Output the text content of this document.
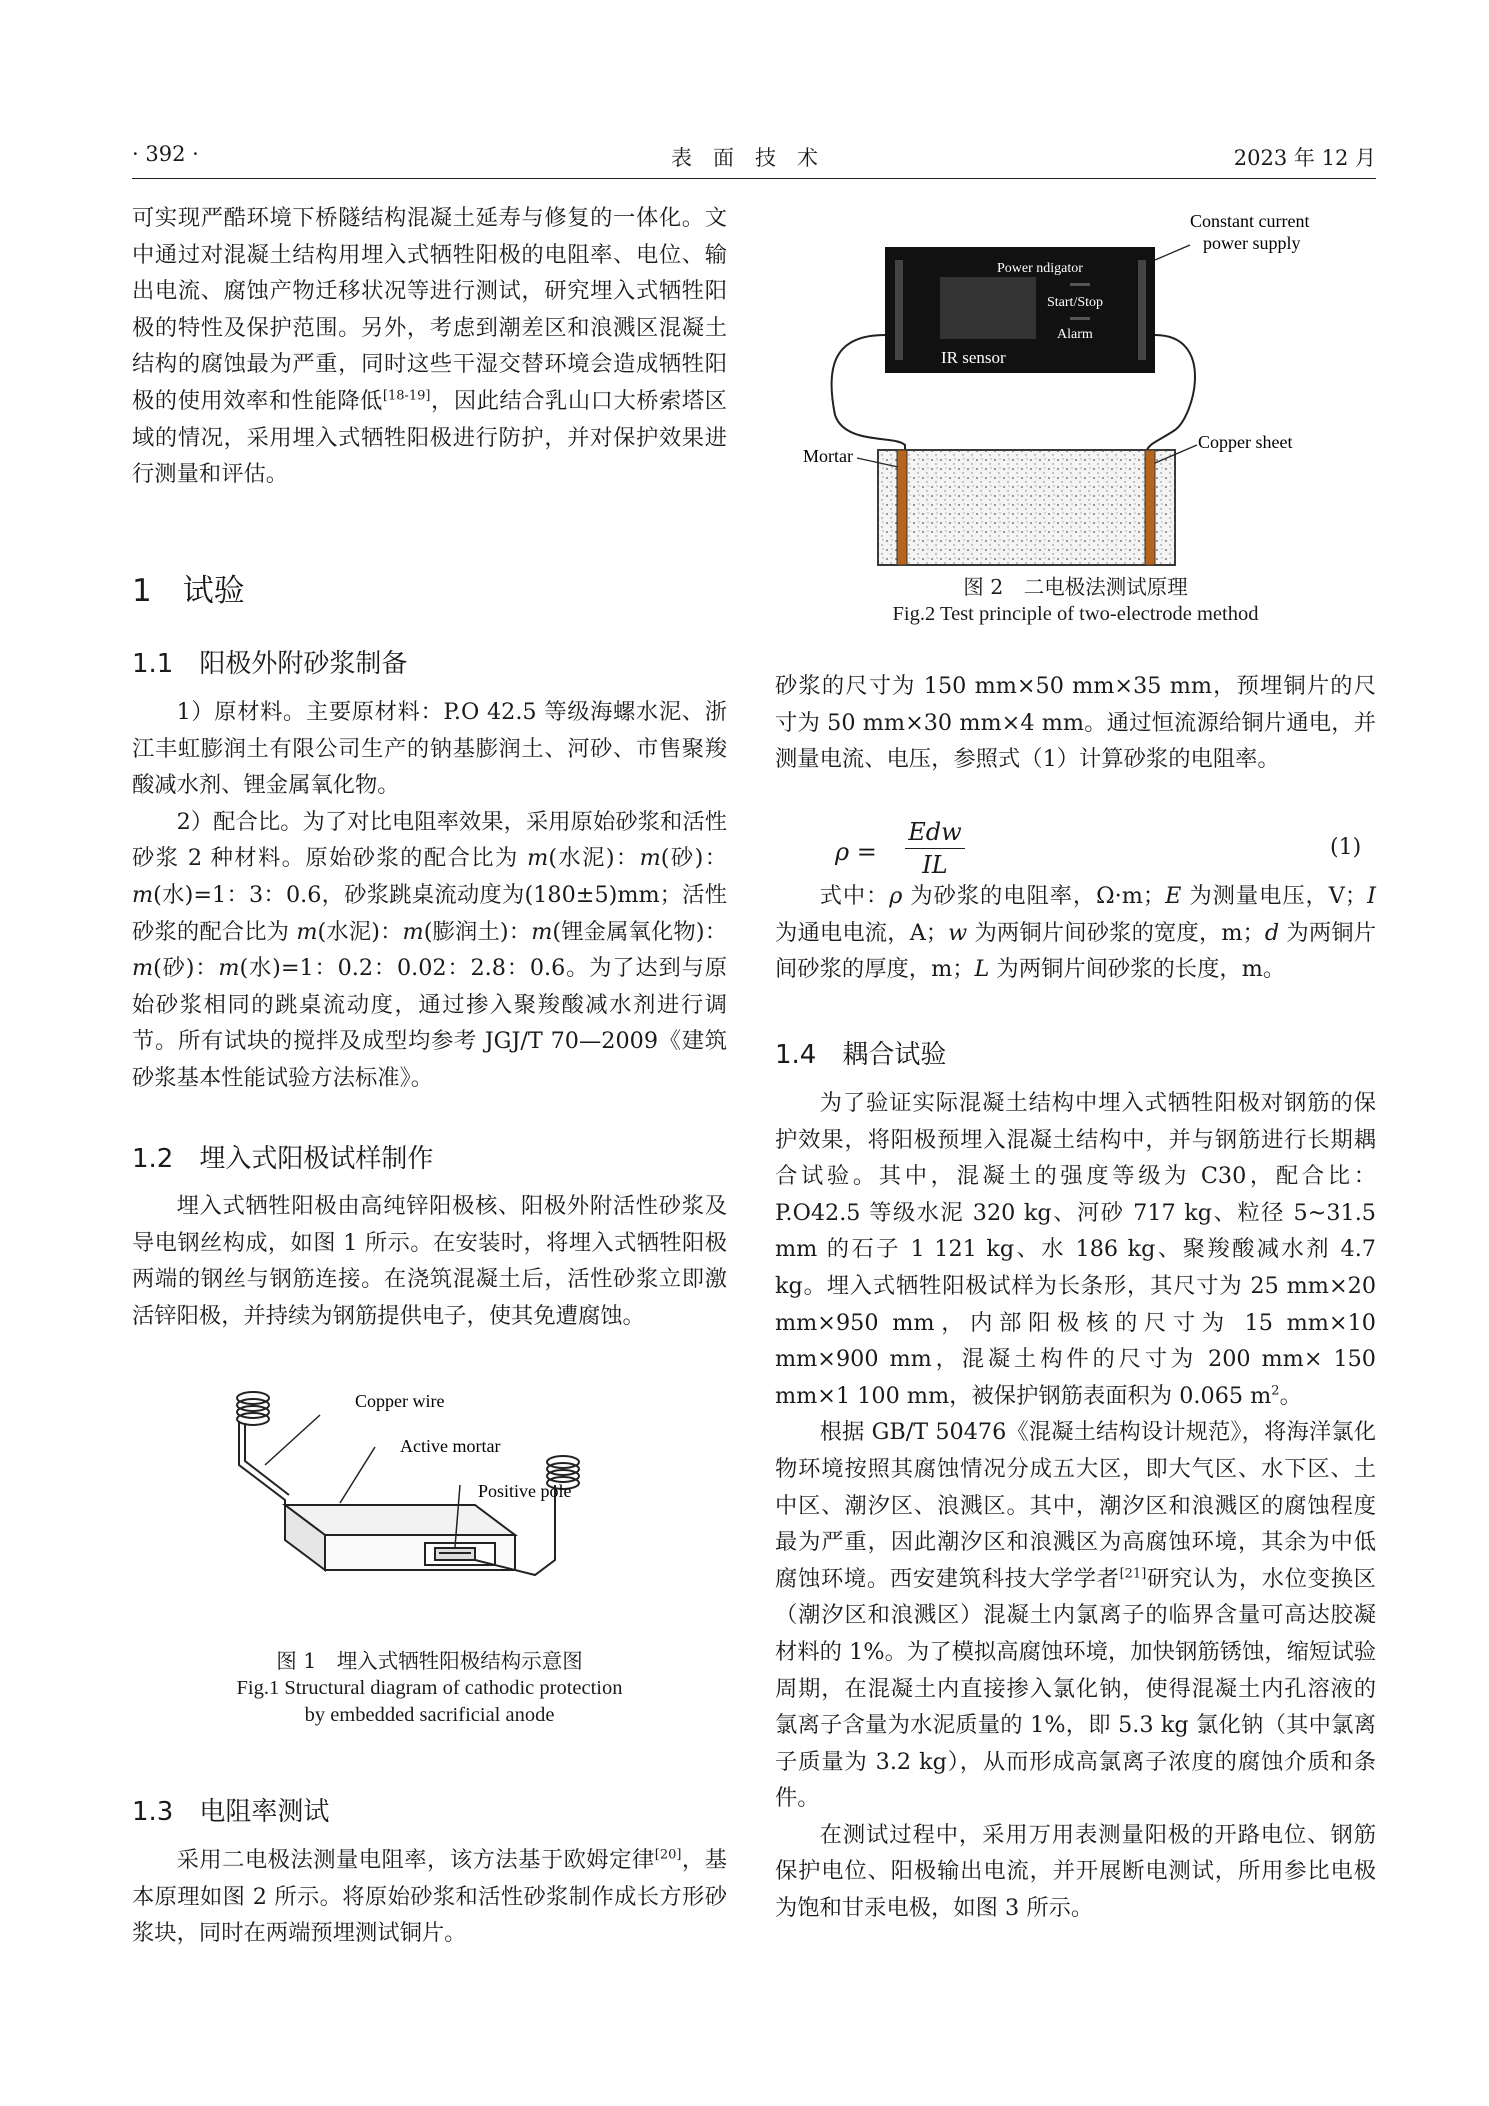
· 392 ·	表　面　技　术	2023 年 12 月

可实现严酷环境下桥隧结构混凝土延寿与修复的一体化。文中通过对混凝土结构用埋入式牺牲阳极的电阻率、电位、输出电流、腐蚀产物迁移状况等进行测试，研究埋入式牺牲阳极的特性及保护范围。另外，考虑到潮差区和浪溅区混凝土结构的腐蚀最为严重，同时这些干湿交替环境会造成牺牲阳极的使用效率和性能降低[18-19]，因此结合乳山口大桥索塔区域的情况，采用埋入式牺牲阳极进行防护，并对保护效果进行测量和评估。

1　试验
1.1　阳极外附砂浆制备

1）原材料。主要原材料：P.O 42.5 等级海螺水泥、浙江丰虹膨润土有限公司生产的钠基膨润土、河砂、市售聚羧酸减水剂、锂金属氧化物。

2）配合比。为了对比电阻率效果，采用原始砂浆和活性砂浆 2 种材料。原始砂浆的配合比为 m(水泥)：m(砂)：m(水)=1：3：0.6，砂浆跳桌流动度为(180±5)mm；活性砂浆的配合比为 m(水泥)：m(膨润土)：m(锂金属氧化物)：m(砂)：m(水)=1：0.2：0.02：2.8：0.6。为了达到与原始砂浆相同的跳桌流动度，通过掺入聚羧酸减水剂进行调节。所有试块的搅拌及成型均参考 JGJ/T 70—2009《建筑砂浆基本性能试验方法标准》。

1.2　埋入式阳极试样制作

埋入式牺牲阳极由高纯锌阳极核、阳极外附活性砂浆及导电钢丝构成，如图 1 所示。在安装时，将埋入式牺牲阳极两端的钢丝与钢筋连接。在浇筑混凝土后，活性砂浆立即激活锌阳极，并持续为钢筋提供电子，使其免遭腐蚀。

Copper wire
Active mortar
Positive pole
图 1　埋入式牺牲阳极结构示意图
Fig.1 Structural diagram of cathodic protection
by embedded sacrificial anode
1.3　电阻率测试

采用二电极法测量电阻率，该方法基于欧姆定律[20]，基本原理如图 2 所示。将原始砂浆和活性砂浆制作成长方形砂浆块，同时在两端预埋测试铜片。

Power ndigator
Start/Stop
Alarm
IR sensor
Constant current
power supply
Mortar
Copper sheet
图 2　二电极法测试原理
Fig.2 Test principle of two-electrode method

砂浆的尺寸为 150 mm×50 mm×35 mm，预埋铜片的尺寸为 50 mm×30 mm×4 mm。通过恒流源给铜片通电，并测量电流、电压，参照式（1）计算砂浆的电阻率。

ρ =
Edw
IL
(1)

式中：ρ 为砂浆的电阻率，Ω·m；E 为测量电压，V；I 为通电电流，A；w 为两铜片间砂浆的宽度，m；d 为两铜片间砂浆的厚度，m；L 为两铜片间砂浆的长度，m。

1.4　耦合试验

为了验证实际混凝土结构中埋入式牺牲阳极对钢筋的保护效果，将阳极预埋入混凝土结构中，并与钢筋进行长期耦合试验。其中，混凝土的强度等级为 C30，配合比：P.O42.5 等级水泥 320 kg、河砂 717 kg、粒径 5~31.5 mm 的石子 1 121 kg、水 186 kg、聚羧酸减水剂 4.7 kg。埋入式牺牲阳极试样为长条形，其尺寸为 25 mm×20 mm×950 mm，内部阳极核的尺寸为 15 mm×10 mm×900 mm，混凝土构件的尺寸为 200 mm× 150 mm×1 100 mm，被保护钢筋表面积为 0.065 $m^2$。

根据 GB/T 50476《混凝土结构设计规范》，将海洋氯化物环境按照其腐蚀情况分成五大区，即大气区、水下区、土中区、潮汐区、浪溅区。其中，潮汐区和浪溅区的腐蚀程度最为严重，因此潮汐区和浪溅区为高腐蚀环境，其余为中低腐蚀环境。西安建筑科技大学学者[21]研究认为，水位变换区（潮汐区和浪溅区）混凝土内氯离子的临界含量可高达胶凝材料的 1%。为了模拟高腐蚀环境，加快钢筋锈蚀，缩短试验周期，在混凝土内直接掺入氯化钠，使得混凝土内孔溶液的氯离子含量为水泥质量的 1%，即 5.3 kg 氯化钠（其中氯离子质量为 3.2 kg），从而形成高氯离子浓度的腐蚀介质和条件。

在测试过程中，采用万用表测量阳极的开路电位、钢筋保护电位、阳极输出电流，并开展断电测试，所用参比电极为饱和甘汞电极，如图 3 所示。
